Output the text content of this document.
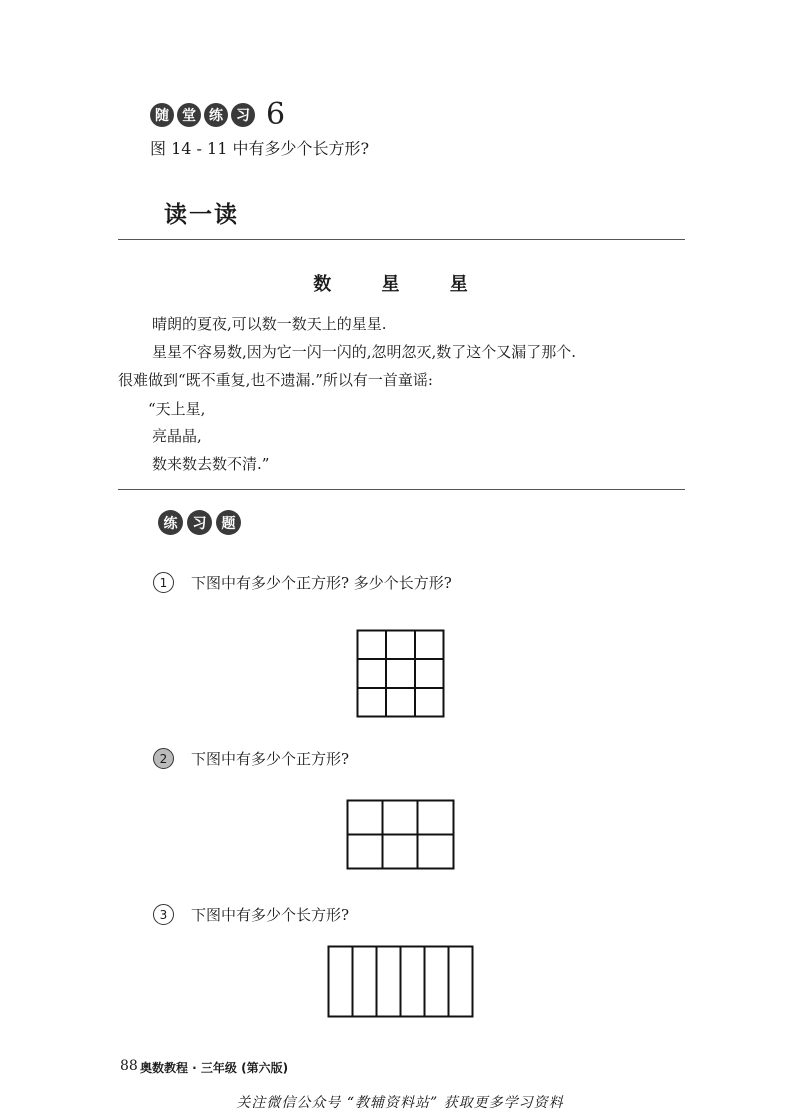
随 堂 练 习 6
图 14 - 11 中有多少个长方形?
读一读
数 星 星
晴朗的夏夜,可以数一数天上的星星.
星星不容易数,因为它一闪一闪的,忽明忽灭,数了这个又漏了那个.
很难做到“既不重复,也不遗漏.”所以有一首童谣:
“天上星,
亮晶晶,
数来数去数不清.”
练	习	题
1	下图中有多少个正方形? 多少个长方形?
2	下图中有多少个正方形?
3	下图中有多少个长方形?
88 奥数教程 · 三年级 (第六版)
关注微信公众号 “教辅资料站” 获取更多学习资料
